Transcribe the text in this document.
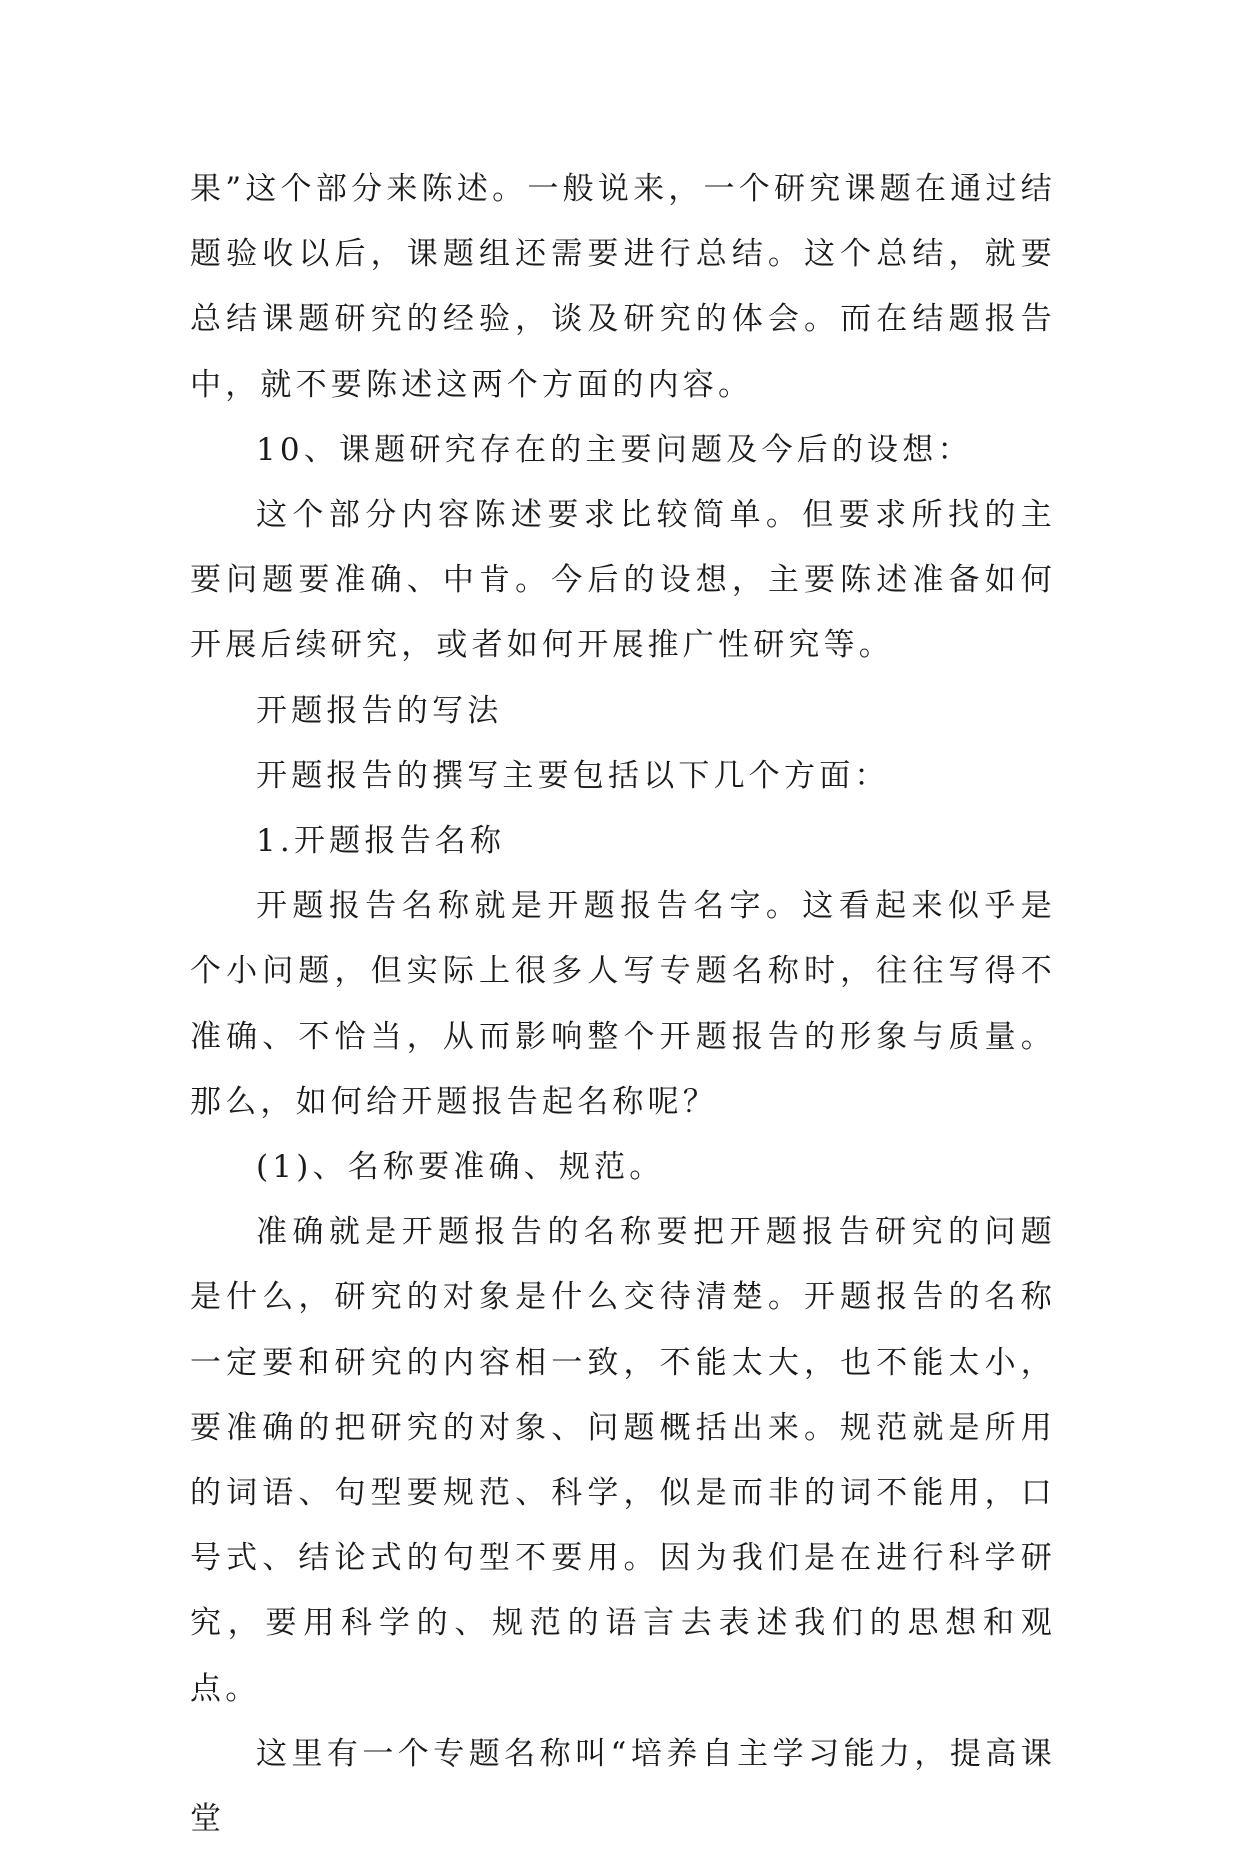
果”这个部分来陈述。一般说来，一个研究课题在通过结题验收以后，课题组还需要进行总结。这个总结，就要总结课题研究的经验，谈及研究的体会。而在结题报告中，就不要陈述这两个方面的内容。

10、课题研究存在的主要问题及今后的设想：

这个部分内容陈述要求比较简单。但要求所找的主要问题要准确、中肯。今后的设想，主要陈述准备如何开展后续研究，或者如何开展推广性研究等。

开题报告的写法

开题报告的撰写主要包括以下几个方面：

1.开题报告名称

开题报告名称就是开题报告名字。这看起来似乎是个小问题，但实际上很多人写专题名称时，往往写得不准确、不恰当，从而影响整个开题报告的形象与质量。那么，如何给开题报告起名称呢？

(1)、名称要准确、规范。

准确就是开题报告的名称要把开题报告研究的问题是什么，研究的对象是什么交待清楚。开题报告的名称一定要和研究的内容相一致，不能太大，也不能太小，要准确的把研究的对象、问题概括出来。规范就是所用的词语、句型要规范、科学，似是而非的词不能用，口号式、结论式的句型不要用。因为我们是在进行科学研究，要用科学的、规范的语言去表述我们的思想和观点。

这里有一个专题名称叫“培养自主学习能力，提高课堂
